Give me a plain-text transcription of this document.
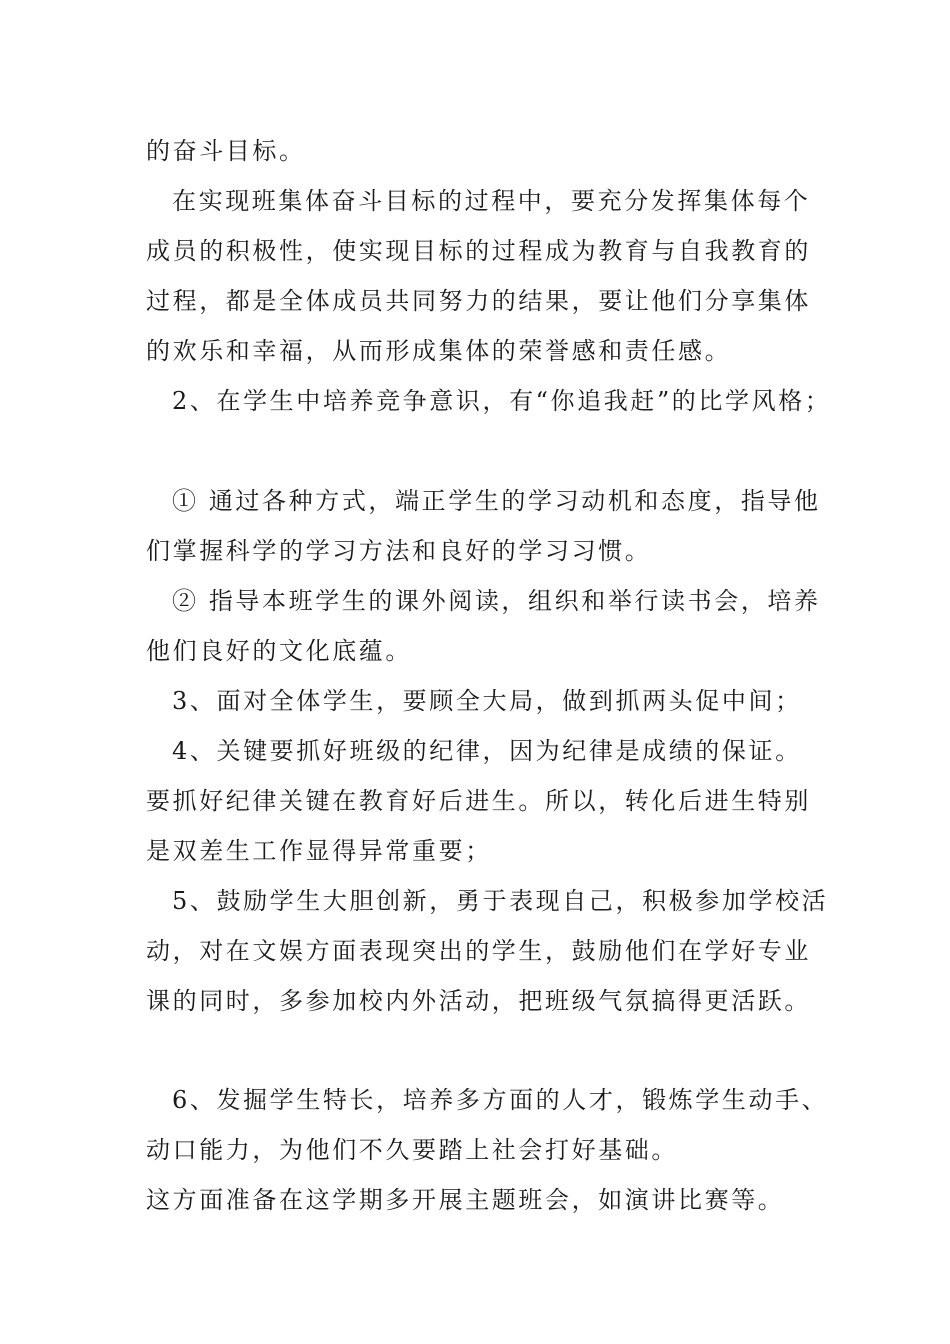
的奋斗目标。
在实现班集体奋斗目标的过程中，要充分发挥集体每个
成员的积极性，使实现目标的过程成为教育与自我教育的
过程，都是全体成员共同努力的结果，要让他们分享集体
的欢乐和幸福，从而形成集体的荣誉感和责任感。
2、在学生中培养竞争意识，有“你追我赶”的比学风格；
① 通过各种方式，端正学生的学习动机和态度，指导他
们掌握科学的学习方法和良好的学习习惯。
② 指导本班学生的课外阅读，组织和举行读书会，培养
他们良好的文化底蕴。
3、面对全体学生，要顾全大局，做到抓两头促中间；
4、关键要抓好班级的纪律，因为纪律是成绩的保证。
要抓好纪律关键在教育好后进生。所以，转化后进生特别
是双差生工作显得异常重要；
5、鼓励学生大胆创新，勇于表现自己，积极参加学校活
动，对在文娱方面表现突出的学生，鼓励他们在学好专业
课的同时，多参加校内外活动，把班级气氛搞得更活跃。
6、发掘学生特长，培养多方面的人才，锻炼学生动手、
动口能力，为他们不久要踏上社会打好基础。
这方面准备在这学期多开展主题班会，如演讲比赛等。
